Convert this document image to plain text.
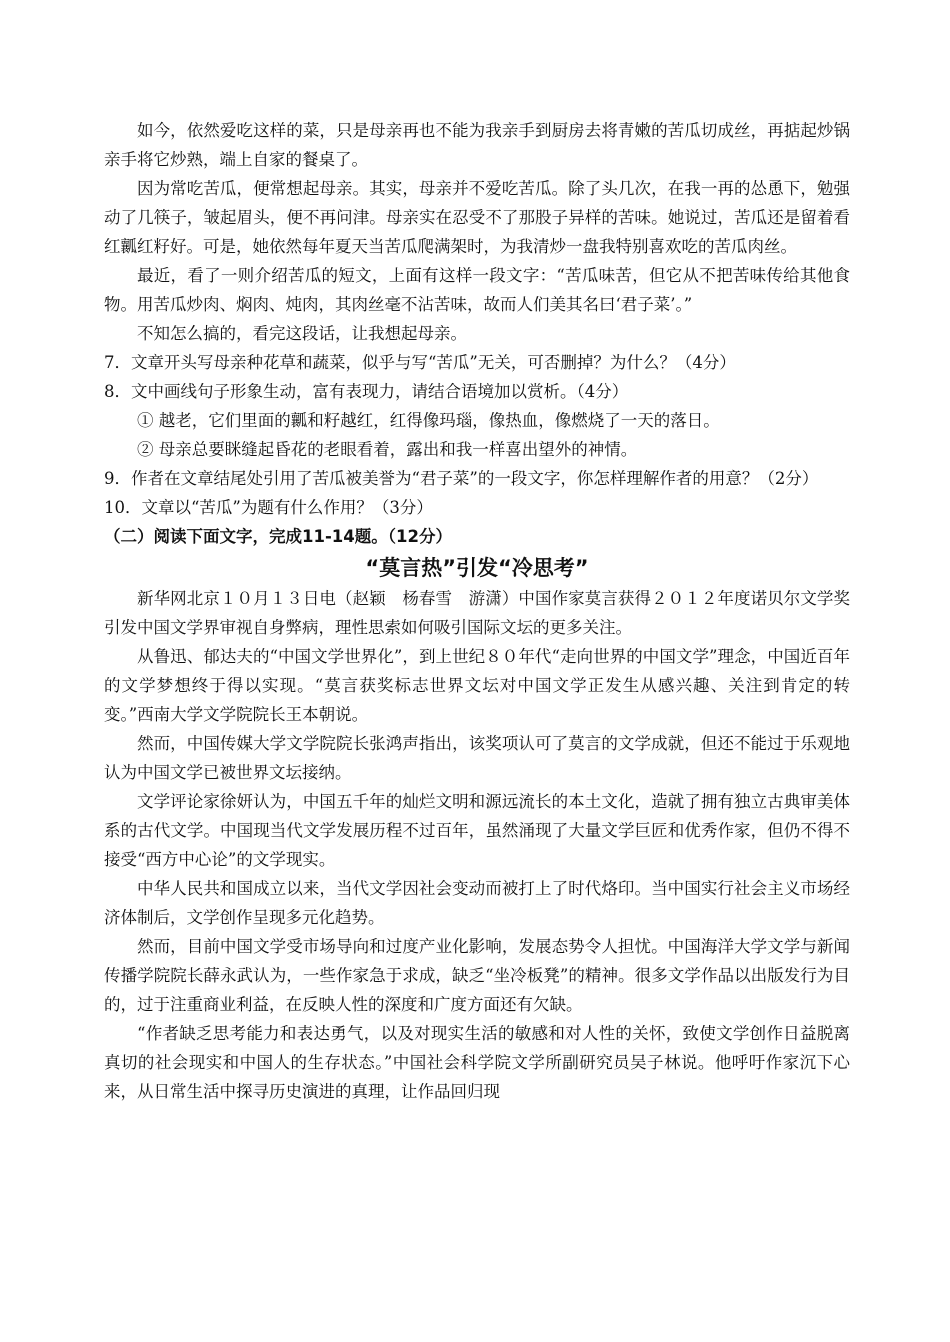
如今，依然爱吃这样的菜，只是母亲再也不能为我亲手到厨房去将青嫩的苦瓜切成丝，再掂起炒锅亲手将它炒熟，端上自家的餐桌了。

因为常吃苦瓜，便常想起母亲。其实，母亲并不爱吃苦瓜。除了头几次，在我一再的怂恿下，勉强动了几筷子，皱起眉头，便不再问津。母亲实在忍受不了那股子异样的苦味。她说过，苦瓜还是留着看红瓤红籽好。可是，她依然每年夏天当苦瓜爬满架时，为我清炒一盘我特别喜欢吃的苦瓜肉丝。

最近，看了一则介绍苦瓜的短文，上面有这样一段文字：“苦瓜味苦，但它从不把苦味传给其他食物。用苦瓜炒肉、焖肉、炖肉，其肉丝毫不沾苦味，故而人们美其名曰‘君子菜’。”

不知怎么搞的，看完这段话，让我想起母亲。

7．文章开头写母亲种花草和蔬菜，似乎与写“苦瓜”无关，可否删掉？为什么？（4分）

8．文中画线句子形象生动，富有表现力，请结合语境加以赏析。（4分）

① 越老，它们里面的瓤和籽越红，红得像玛瑙，像热血，像燃烧了一天的落日。

② 母亲总要眯缝起昏花的老眼看着，露出和我一样喜出望外的神情。

9．作者在文章结尾处引用了苦瓜被美誉为“君子菜”的一段文字，你怎样理解作者的用意？（2分）

10．文章以“苦瓜”为题有什么作用？（3分）

（二）阅读下面文字，完成11-14题。（12分）

“莫言热”引发“冷思考”

新华网北京１０月１３日电（赵颖　杨春雪　游潇）中国作家莫言获得２０１２年度诺贝尔文学奖引发中国文学界审视自身弊病，理性思索如何吸引国际文坛的更多关注。

从鲁迅、郁达夫的“中国文学世界化”，到上世纪８０年代“走向世界的中国文学”理念，中国近百年的文学梦想终于得以实现。“莫言获奖标志世界文坛对中国文学正发生从感兴趣、关注到肯定的转变。”西南大学文学院院长王本朝说。

然而，中国传媒大学文学院院长张鸿声指出，该奖项认可了莫言的文学成就，但还不能过于乐观地认为中国文学已被世界文坛接纳。

文学评论家徐妍认为，中国五千年的灿烂文明和源远流长的本土文化，造就了拥有独立古典审美体系的古代文学。中国现当代文学发展历程不过百年，虽然涌现了大量文学巨匠和优秀作家，但仍不得不接受“西方中心论”的文学现实。

中华人民共和国成立以来，当代文学因社会变动而被打上了时代烙印。当中国实行社会主义市场经济体制后，文学创作呈现多元化趋势。

然而，目前中国文学受市场导向和过度产业化影响，发展态势令人担忧。中国海洋大学文学与新闻传播学院院长薛永武认为，一些作家急于求成，缺乏“坐冷板凳”的精神。很多文学作品以出版发行为目的，过于注重商业利益，在反映人性的深度和广度方面还有欠缺。

“作者缺乏思考能力和表达勇气，以及对现实生活的敏感和对人性的关怀，致使文学创作日益脱离真切的社会现实和中国人的生存状态。”中国社会科学院文学所副研究员吴子林说。他呼吁作家沉下心来，从日常生活中探寻历史演进的真理，让作品回归现
